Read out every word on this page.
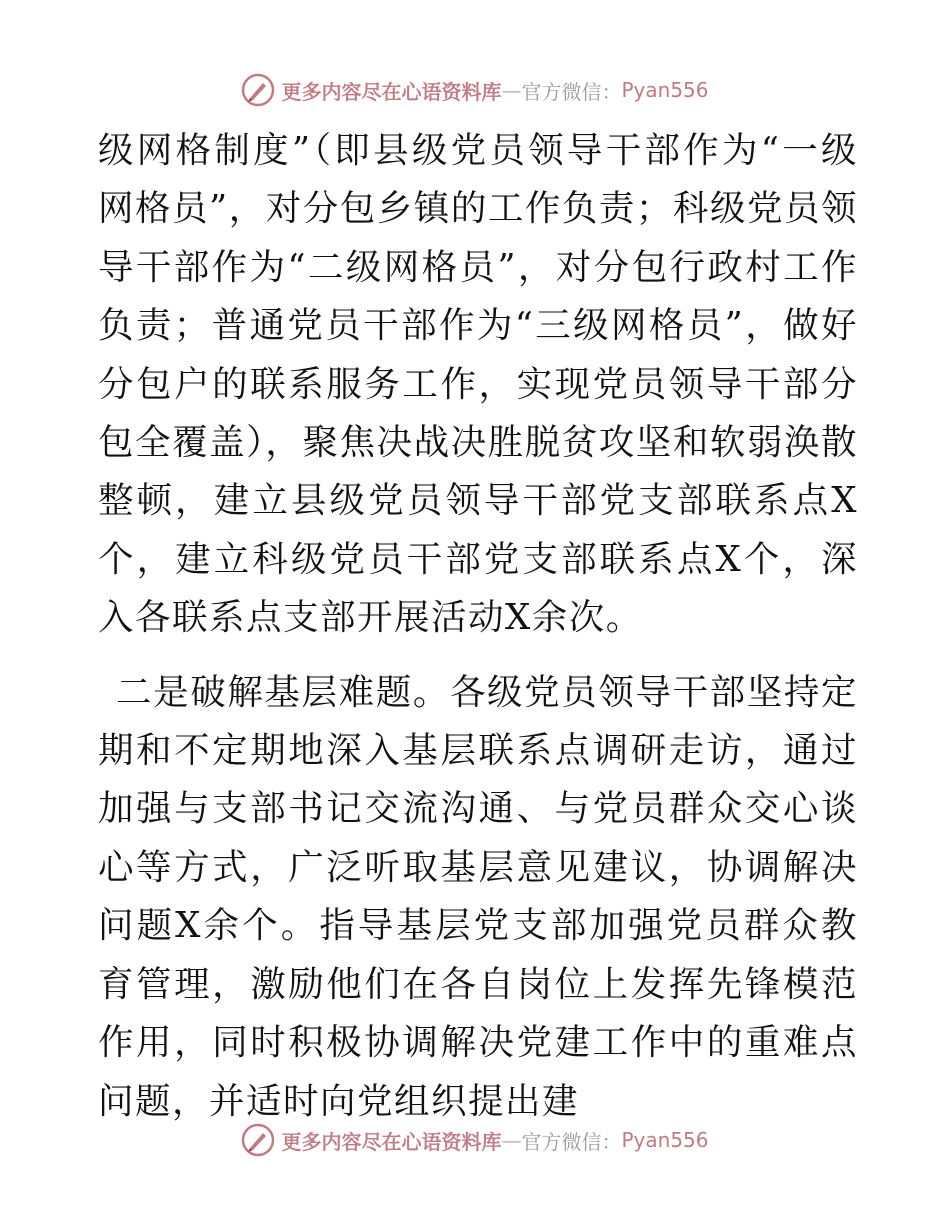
更多内容尽在心语资料库 — 官方微信： Pyan556

级网格制度”（即县级党员领导干部作为“一级网格员”，对分包乡镇的工作负责；科级党员领导干部作为“二级网格员”，对分包行政村工作负责；普通党员干部作为“三级网格员”，做好分包户的联系服务工作，实现党员领导干部分包全覆盖），聚焦决战决胜脱贫攻坚和软弱涣散整顿，建立县级党员领导干部党支部联系点X个，建立科级党员干部党支部联系点X个，深入各联系点支部开展活动X余次。

二是破解基层难题。各级党员领导干部坚持定期和不定期地深入基层联系点调研走访，通过加强与支部书记交流沟通、与党员群众交心谈心等方式，广泛听取基层意见建议，协调解决问题X余个。指导基层党支部加强党员群众教育管理，激励他们在各自岗位上发挥先锋模范作用，同时积极协调解决党建工作中的重难点问题，并适时向党组织提出建

更多内容尽在心语资料库 — 官方微信： Pyan556
